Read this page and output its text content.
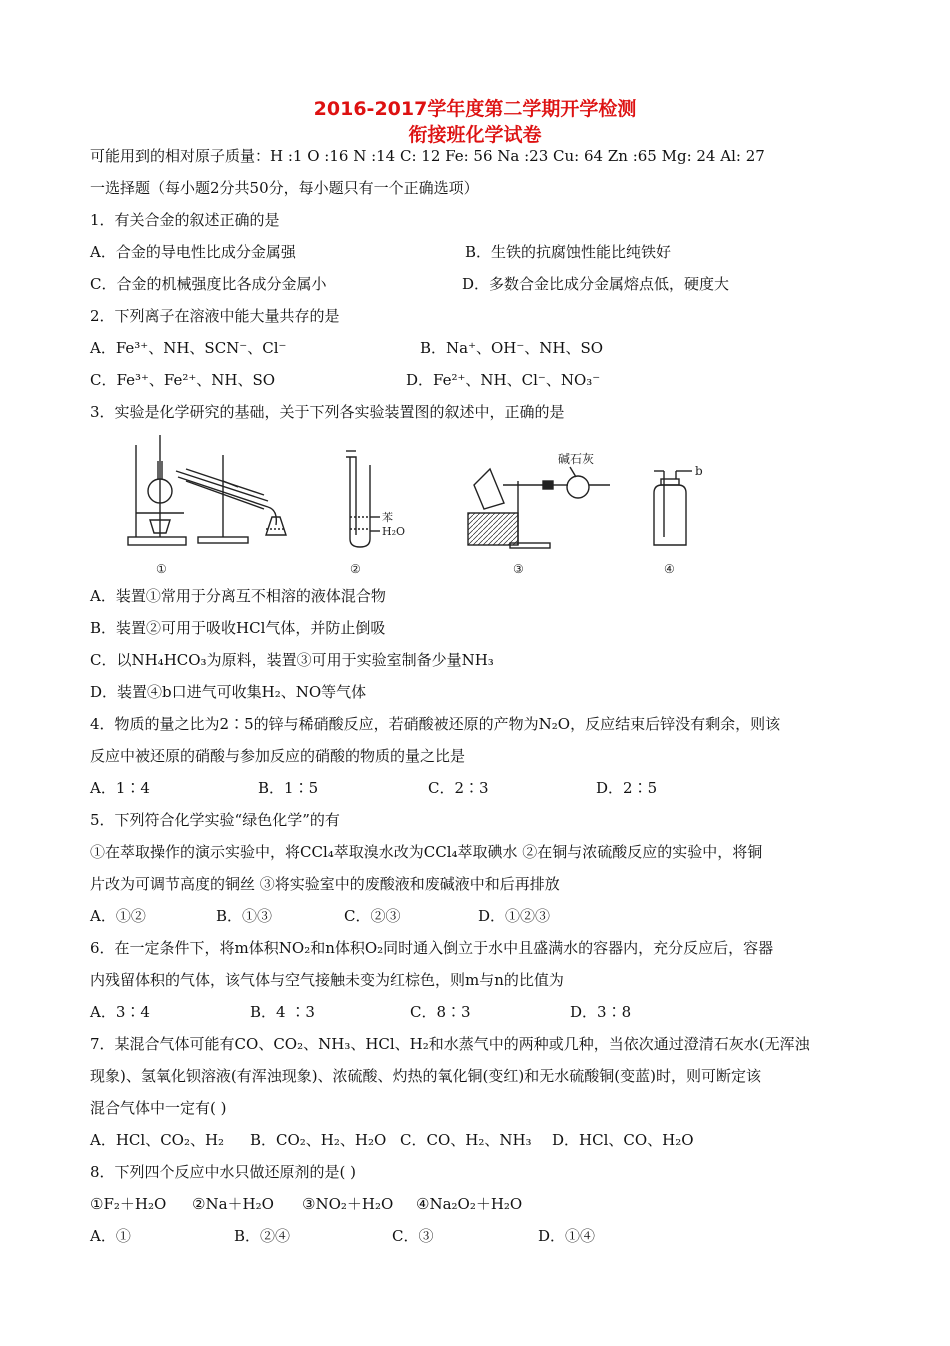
2016-2017学年度第二学期开学检测
衔接班化学试卷
可能用到的相对原子质量：H :1 O :16 N :14 C: 12 Fe: 56 Na :23 Cu: 64 Zn :65 Mg: 24 Al: 27
一选择题（每小题2分共50分，每小题只有一个正确选项）
1．有关合金的叙述正确的是
A．合金的导电性比成分金属强	B．生铁的抗腐蚀性能比纯铁好
C．合金的机械强度比各成分金属小	D．多数合金比成分金属熔点低，硬度大
2．下列离子在溶液中能大量共存的是
A．Fe³⁺、NH、SCN⁻、Cl⁻	B．Na⁺、OH⁻、NH、SO
C．Fe³⁺、Fe²⁺、NH、SO	D．Fe²⁺、NH、Cl⁻、NO₃⁻
3．实验是化学研究的基础，关于下列各实验装置图的叙述中，正确的是
①
苯
H₂O
②
碱石灰
③
b
④
A．装置①常用于分离互不相溶的液体混合物
B．装置②可用于吸收HCl气体，并防止倒吸
C．以NH₄HCO₃为原料，装置③可用于实验室制备少量NH₃
D．装置④b口进气可收集H₂、NO等气体
4．物质的量之比为2∶5的锌与稀硝酸反应，若硝酸被还原的产物为N₂O，反应结束后锌没有剩余，则该
反应中被还原的硝酸与参加反应的硝酸的物质的量之比是
A．1∶4	B．1∶5	C．2∶3	D．2∶5
5．下列符合化学实验“绿色化学”的有
①在萃取操作的演示实验中，将CCl₄萃取溴水改为CCl₄萃取碘水 ②在铜与浓硫酸反应的实验中，将铜
片改为可调节高度的铜丝 ③将实验室中的废酸液和废碱液中和后再排放
A．①②	B．①③	C．②③	D．①②③
6．在一定条件下，将m体积NO₂和n体积O₂同时通入倒立于水中且盛满水的容器内，充分反应后，容器
内残留体积的气体，该气体与空气接触未变为红棕色，则m与n的比值为
A．3∶4	B．4 ∶3	C．8∶3	D．3∶8
7．某混合气体可能有CO、CO₂、NH₃、HCl、H₂和水蒸气中的两种或几种，当依次通过澄清石灰水(无浑浊
现象)、氢氧化钡溶液(有浑浊现象)、浓硫酸、灼热的氧化铜(变红)和无水硫酸铜(变蓝)时，则可断定该
混合气体中一定有( )
A．HCl、CO₂、H₂ B．CO₂、H₂、H₂O C．CO、H₂、NH₃ D．HCl、CO、H₂O
8．下列四个反应中水只做还原剂的是( )
①F₂＋H₂O ②Na＋H₂O ③NO₂＋H₂O ④Na₂O₂＋H₂O
A．①	B．②④	C．③	D．①④
